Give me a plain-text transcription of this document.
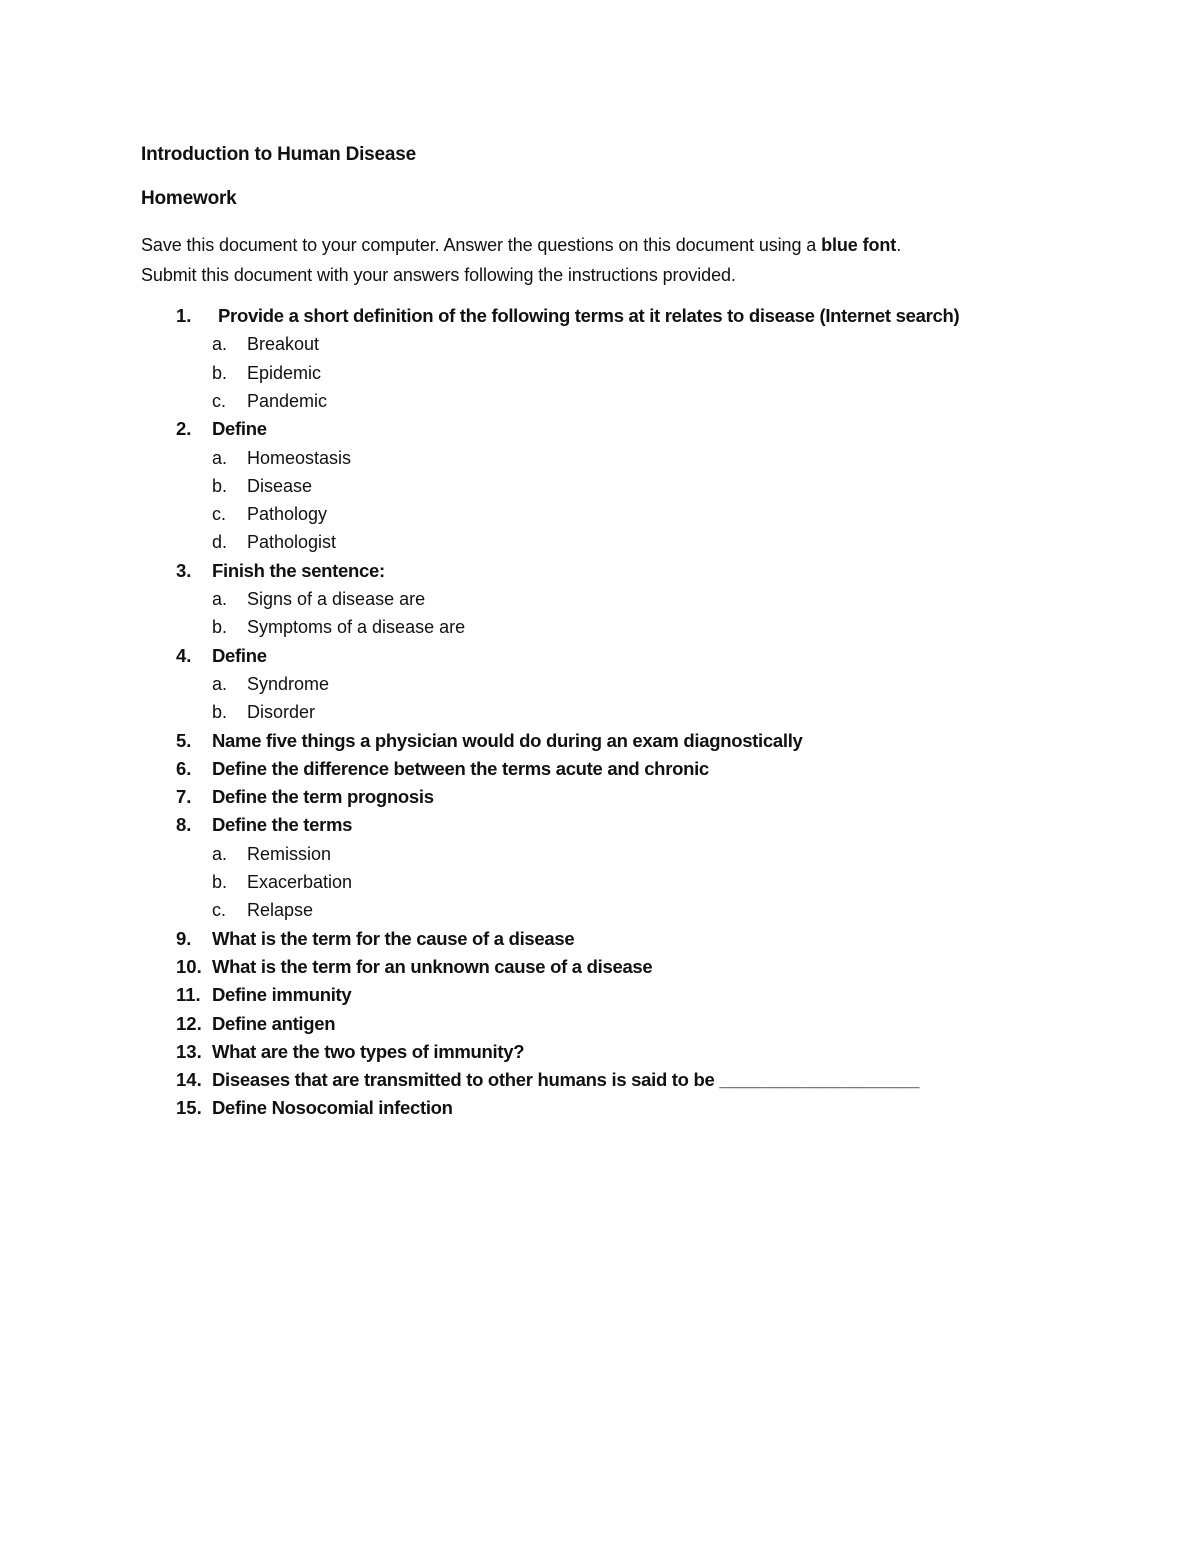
Introduction to Human Disease

Homework

Save this document to your computer. Answer the questions on this document using a blue font.
Submit this document with your answers following the instructions provided.

1. Provide a short definition of the following terms at it relates to disease (Internet search)
a. Breakout
b. Epidemic
c. Pandemic
2. Define
a. Homeostasis
b. Disease
c. Pathology
d. Pathologist
3. Finish the sentence:
a. Signs of a disease are
b. Symptoms of a disease are
4. Define
a. Syndrome
b. Disorder
5. Name five things a physician would do during an exam diagnostically
6. Define the difference between the terms acute and chronic
7. Define the term prognosis
8. Define the terms
a. Remission
b. Exacerbation
c. Relapse
9. What is the term for the cause of a disease
10. What is the term for an unknown cause of a disease
11. Define immunity
12. Define antigen
13. What are the two types of immunity?
14. Diseases that are transmitted to other humans is said to be ____________________
15. Define Nosocomial infection
